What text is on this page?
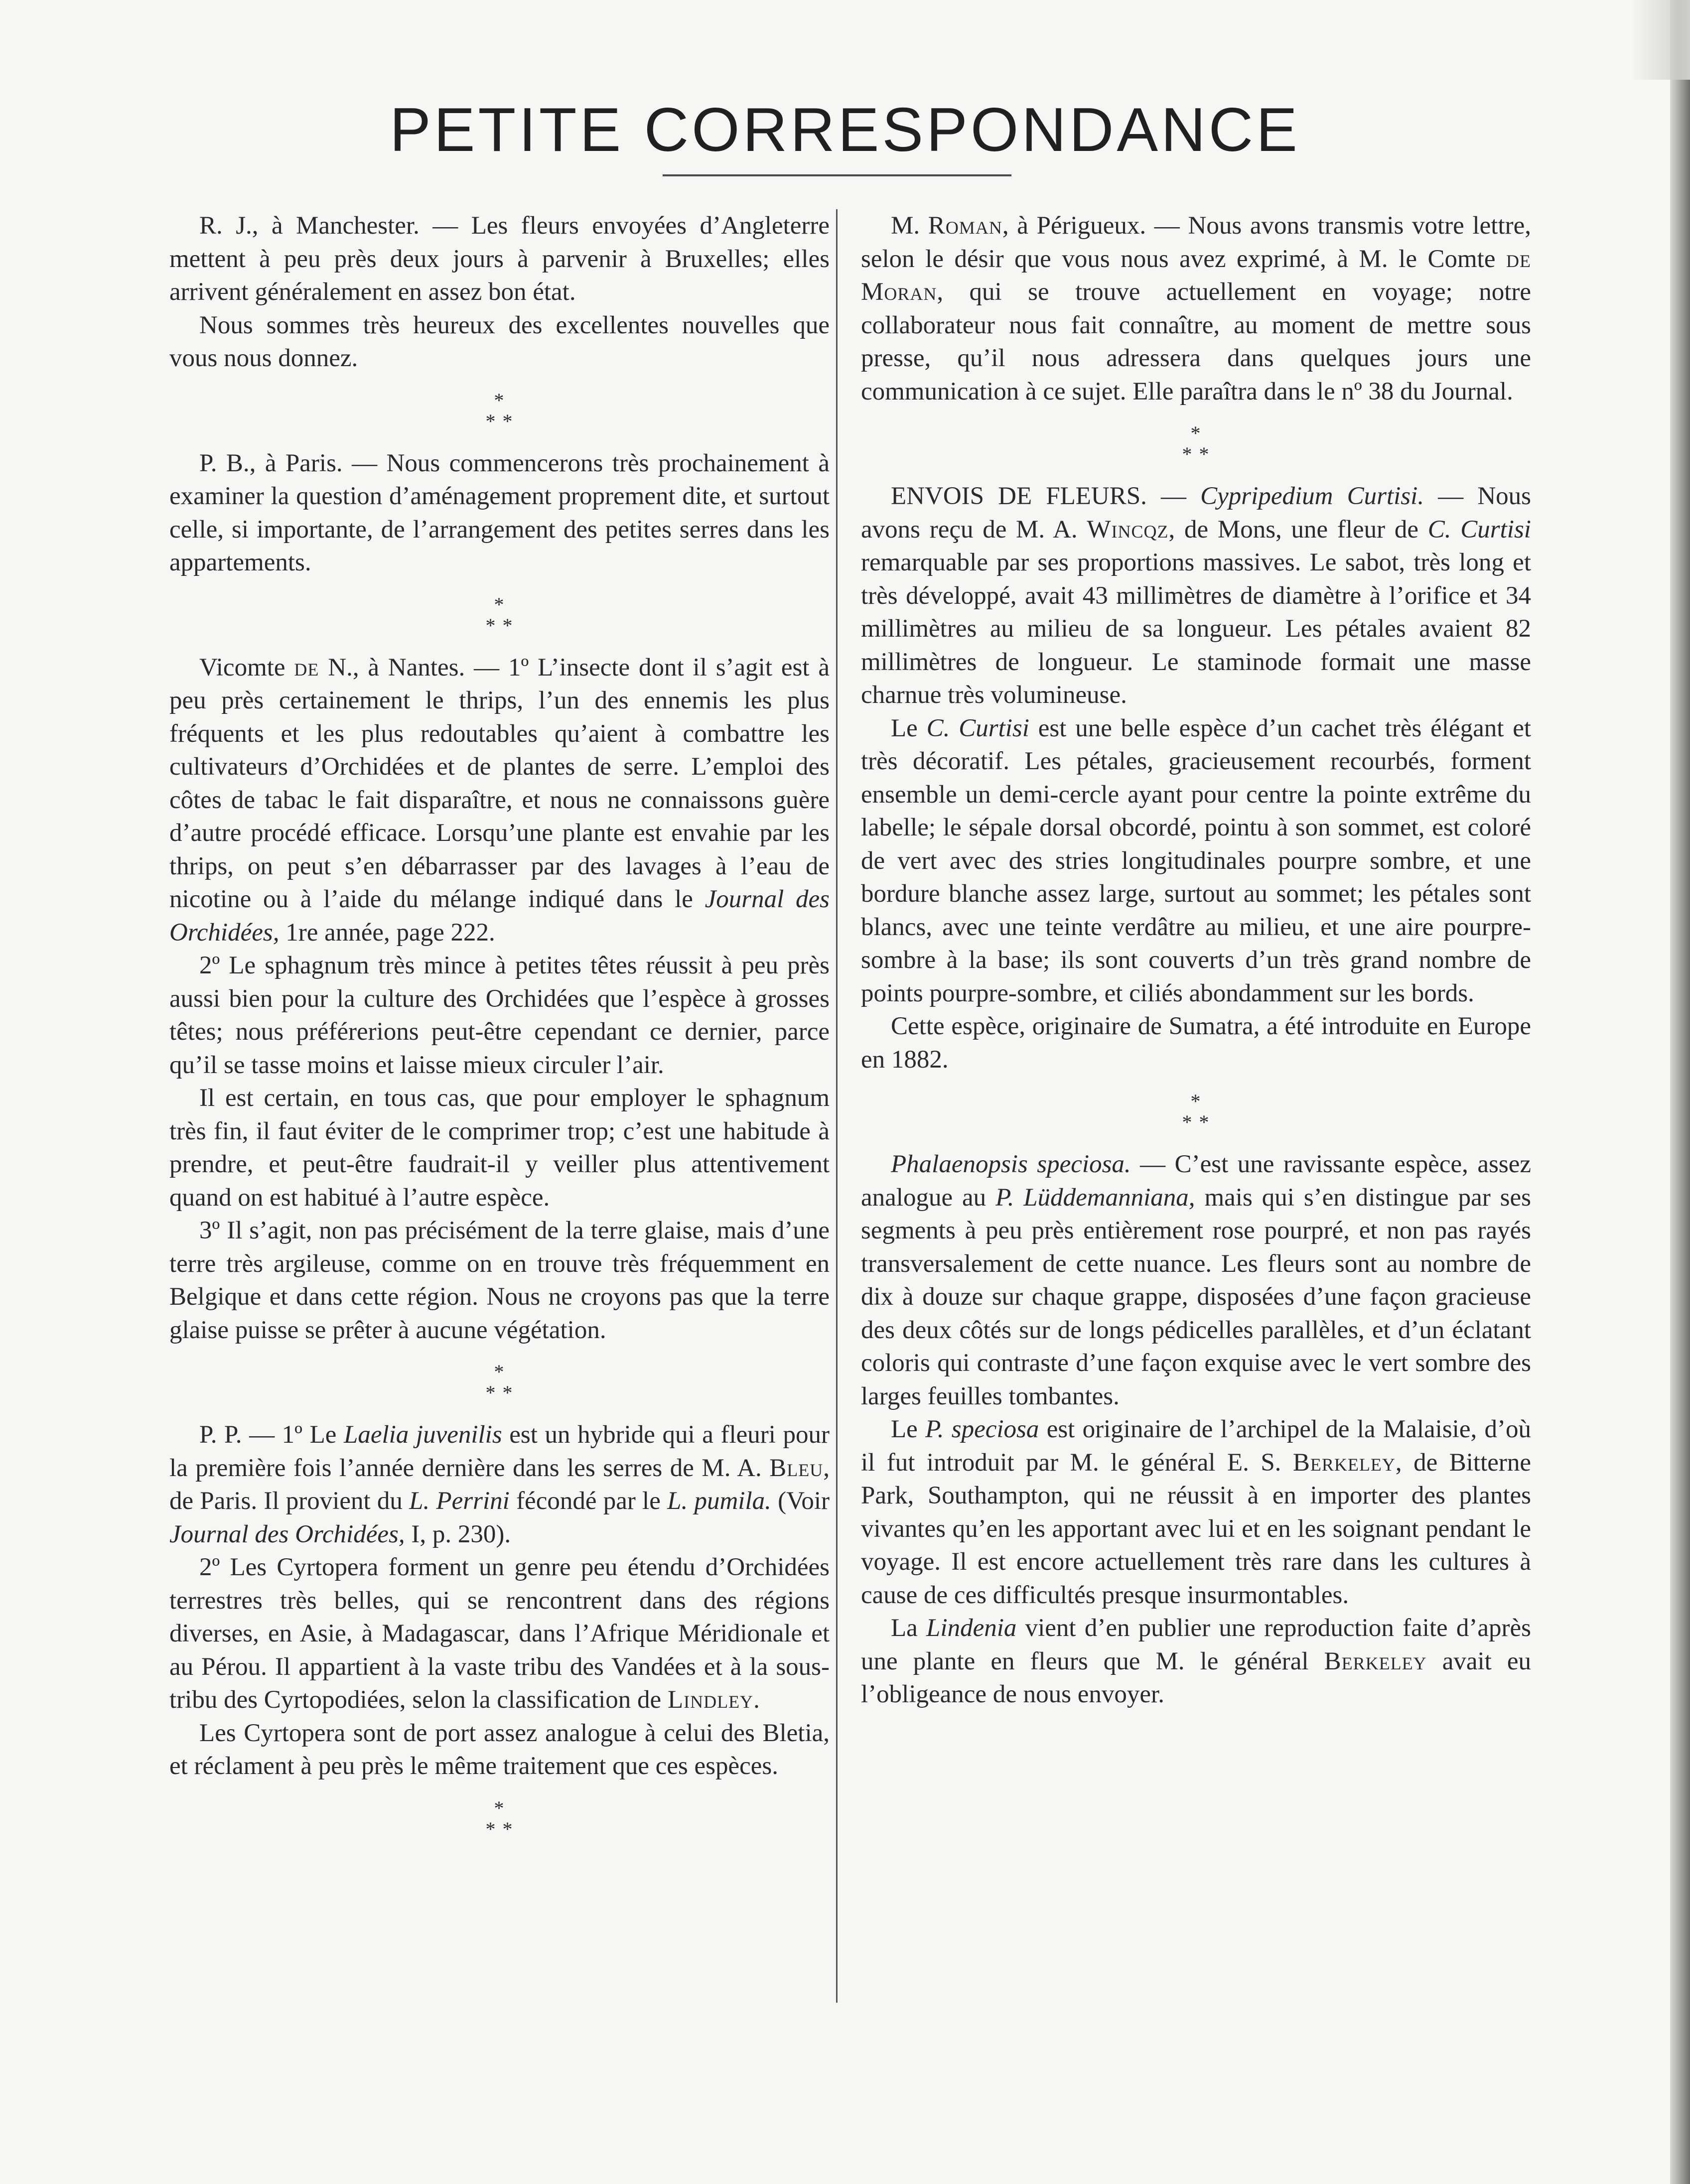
PETITE CORRESPONDANCE

R. J., à Manchester. — Les fleurs envoyées d’Angleterre mettent à peu près deux jours à parvenir à Bruxelles; elles arrivent généralement en assez bon état.

Nous sommes très heureux des excellentes nouvelles que vous nous donnez.

*
* *

P. B., à Paris. — Nous commencerons très prochainement à examiner la question d’aménagement proprement dite, et surtout celle, si importante, de l’arrangement des petites serres dans les appartements.

*
* *

Vicomte de N., à Nantes. — 1º L’insecte dont il s’agit est à peu près certainement le thrips, l’un des ennemis les plus fréquents et les plus redoutables qu’aient à combattre les cultivateurs d’Orchidées et de plantes de serre. L’emploi des côtes de tabac le fait disparaître, et nous ne connaissons guère d’autre procédé efficace. Lorsqu’une plante est envahie par les thrips, on peut s’en débarrasser par des lavages à l’eau de nicotine ou à l’aide du mélange indiqué dans le Journal des Orchidées, 1re année, page 222.

2º Le sphagnum très mince à petites têtes réussit à peu près aussi bien pour la culture des Orchidées que l’espèce à grosses têtes; nous préférerions peut-être cependant ce dernier, parce qu’il se tasse moins et laisse mieux circuler l’air.

Il est certain, en tous cas, que pour employer le sphagnum très fin, il faut éviter de le comprimer trop; c’est une habitude à prendre, et peut-être faudrait-il y veiller plus attentivement quand on est habitué à l’autre espèce.

3º Il s’agit, non pas précisément de la terre glaise, mais d’une terre très argileuse, comme on en trouve très fréquemment en Belgique et dans cette région. Nous ne croyons pas que la terre glaise puisse se prêter à aucune végétation.

*
* *

P. P. — 1º Le Laelia juvenilis est un hybride qui a fleuri pour la première fois l’année dernière dans les serres de M. A. Bleu, de Paris. Il provient du L. Perrini fécondé par le L. pumila. (Voir Journal des Orchidées, I, p. 230).

2º Les Cyrtopera forment un genre peu étendu d’Orchidées terrestres très belles, qui se rencontrent dans des régions diverses, en Asie, à Madagascar, dans l’Afrique Méridionale et au Pérou. Il appartient à la vaste tribu des Vandées et à la sous-tribu des Cyrtopodiées, selon la classification de Lindley.

Les Cyrtopera sont de port assez analogue à celui des Bletia, et réclament à peu près le même traitement que ces espèces.

*
* *

M. Roman, à Périgueux. — Nous avons transmis votre lettre, selon le désir que vous nous avez exprimé, à M. le Comte de Moran, qui se trouve actuellement en voyage; notre collaborateur nous fait connaître, au moment de mettre sous presse, qu’il nous adressera dans quelques jours une communication à ce sujet. Elle paraîtra dans le nº 38 du Journal.

*
* *

ENVOIS DE FLEURS. — Cypripedium Curtisi. — Nous avons reçu de M. A. Wincqz, de Mons, une fleur de C. Curtisi remarquable par ses proportions massives. Le sabot, très long et très développé, avait 43 millimètres de diamètre à l’orifice et 34 millimètres au milieu de sa longueur. Les pétales avaient 82 millimètres de longueur. Le staminode formait une masse charnue très volumineuse.

Le C. Curtisi est une belle espèce d’un cachet très élégant et très décoratif. Les pétales, gracieusement recourbés, forment ensemble un demi-cercle ayant pour centre la pointe extrême du labelle; le sépale dorsal obcordé, pointu à son sommet, est coloré de vert avec des stries longitudinales pourpre sombre, et une bordure blanche assez large, surtout au sommet; les pétales sont blancs, avec une teinte verdâtre au milieu, et une aire pourpre-sombre à la base; ils sont couverts d’un très grand nombre de points pourpre-sombre, et ciliés abondamment sur les bords.

Cette espèce, originaire de Sumatra, a été introduite en Europe en 1882.

*
* *

Phalaenopsis speciosa. — C’est une ravissante espèce, assez analogue au P. Lüddemanniana, mais qui s’en distingue par ses segments à peu près entièrement rose pourpré, et non pas rayés transversalement de cette nuance. Les fleurs sont au nombre de dix à douze sur chaque grappe, disposées d’une façon gracieuse des deux côtés sur de longs pédicelles parallèles, et d’un éclatant coloris qui contraste d’une façon exquise avec le vert sombre des larges feuilles tombantes.

Le P. speciosa est originaire de l’archipel de la Malaisie, d’où il fut introduit par M. le général E. S. Berkeley, de Bitterne Park, Southampton, qui ne réussit à en importer des plantes vivantes qu’en les apportant avec lui et en les soignant pendant le voyage. Il est encore actuellement très rare dans les cultures à cause de ces difficultés presque insurmontables.

La Lindenia vient d’en publier une reproduction faite d’après une plante en fleurs que M. le général Berkeley avait eu l’obligeance de nous envoyer.
